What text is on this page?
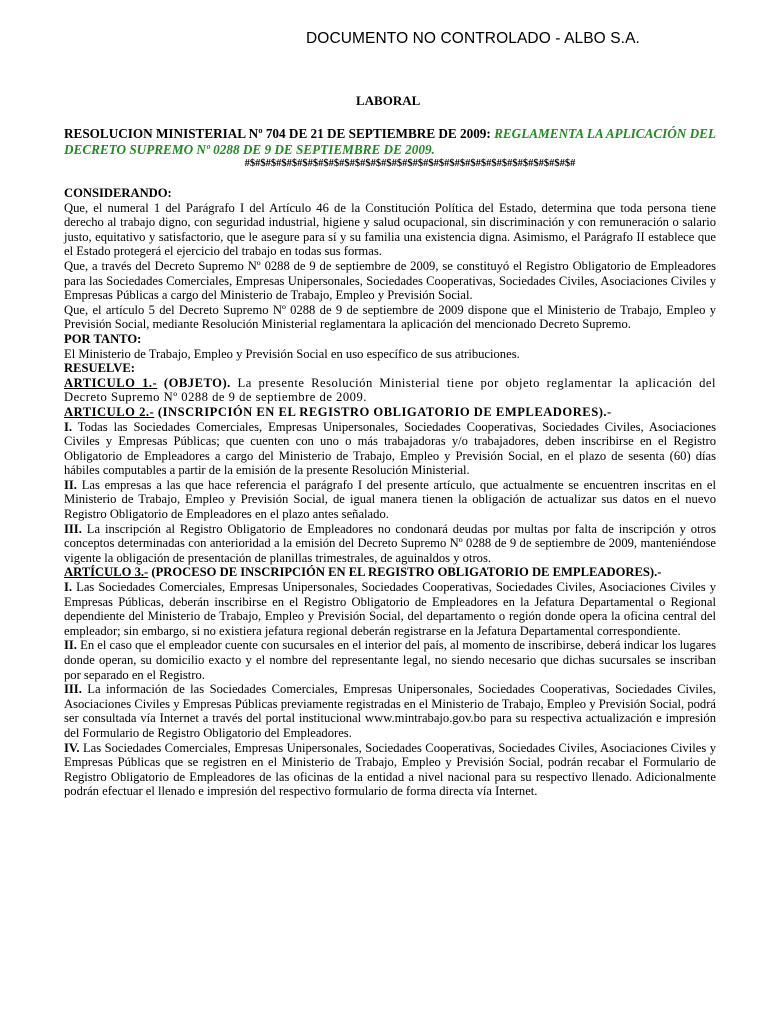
DOCUMENTO NO CONTROLADO - ALBO S.A.
LABORAL

RESOLUCION MINISTERIAL Nº 704 DE 21 DE SEPTIEMBRE DE 2009: REGLAMENTA LA APLICACIÓN DEL DECRETO SUPREMO Nº 0288 DE 9 DE SEPTIEMBRE DE 2009.

#$#$#$#$#$#$#$#$#$#$#$#$#$#$#$#$#$#$#$#$#$#$#$#$#$#$#$#$#$#$#$#

CONSIDERANDO:

Que, el numeral 1 del Parágrafo I del Artículo 46 de la Constitución Política del Estado, determina que toda persona tiene derecho al trabajo digno, con seguridad industrial, higiene y salud ocupacional, sin discriminación y con remuneración o salario justo, equitativo y satisfactorio, que le asegure para sí y su familia una existencia digna. Asimismo, el Parágrafo II establece que el Estado protegerá el ejercicio del trabajo en todas sus formas.

Que, a través del Decreto Supremo Nº 0288 de 9 de septiembre de 2009, se constituyó el Registro Obligatorio de Empleadores para las Sociedades Comerciales, Empresas Unipersonales, Sociedades Cooperativas, Sociedades Civiles, Asociaciones Civiles y Empresas Públicas a cargo del Ministerio de Trabajo, Empleo y Previsión Social.

Que, el artículo 5 del Decreto Supremo Nº 0288 de 9 de septiembre de 2009 dispone que el Ministerio de Trabajo, Empleo y Previsión Social, mediante Resolución Ministerial reglamentara la aplicación del mencionado Decreto Supremo.

POR TANTO:

El Ministerio de Trabajo, Empleo y Previsión Social en uso específico de sus atribuciones.

RESUELVE:

ARTICULO 1.- (OBJETO). La presente Resolución Ministerial tiene por objeto reglamentar la aplicación del Decreto Supremo Nº 0288 de 9 de septiembre de 2009.

ARTICULO 2.- (INSCRIPCIÓN EN EL REGISTRO OBLIGATORIO DE EMPLEADORES).-

I. Todas las Sociedades Comerciales, Empresas Unipersonales, Sociedades Cooperativas, Sociedades Civiles, Asociaciones Civiles y Empresas Públicas; que cuenten con uno o más trabajadoras y/o trabajadores, deben inscribirse en el Registro Obligatorio de Empleadores a cargo del Ministerio de Trabajo, Empleo y Previsión Social, en el plazo de sesenta (60) días hábiles computables a partir de la emisión de la presente Resolución Ministerial.

II. Las empresas a las que hace referencia el parágrafo I del presente artículo, que actualmente se encuentren inscritas en el Ministerio de Trabajo, Empleo y Previsión Social, de igual manera tienen la obligación de actualizar sus datos en el nuevo Registro Obligatorio de Empleadores en el plazo antes señalado.

III. La inscripción al Registro Obligatorio de Empleadores no condonará deudas por multas por falta de inscripción y otros conceptos determinadas con anterioridad a la emisión del Decreto Supremo Nº 0288 de 9 de septiembre de 2009, manteniéndose vigente la obligación de presentación de planillas trimestrales, de aguinaldos y otros.

ARTÍCULO 3.- (PROCESO DE INSCRIPCIÓN EN EL REGISTRO OBLIGATORIO DE EMPLEADORES).-

I. Las Sociedades Comerciales, Empresas Unipersonales, Sociedades Cooperativas, Sociedades Civiles, Asociaciones Civiles y Empresas Públicas, deberán inscribirse en el Registro Obligatorio de Empleadores en la Jefatura Departamental o Regional dependiente del Ministerio de Trabajo, Empleo y Previsión Social, del departamento o región donde opera la oficina central del empleador; sin embargo, si no existiera jefatura regional deberán registrarse en la Jefatura Departamental correspondiente.

II. En el caso que el empleador cuente con sucursales en el interior del país, al momento de inscribirse, deberá indicar los lugares donde operan, su domicilio exacto y el nombre del representante legal, no siendo necesario que dichas sucursales se inscriban por separado en el Registro.

III. La información de las Sociedades Comerciales, Empresas Unipersonales, Sociedades Cooperativas, Sociedades Civiles, Asociaciones Civiles y Empresas Públicas previamente registradas en el Ministerio de Trabajo, Empleo y Previsión Social, podrá ser consultada vía Internet a través del portal institucional www.mintrabajo.gov.bo para su respectiva actualización e impresión del Formulario de Registro Obligatorio del Empleadores.

IV. Las Sociedades Comerciales, Empresas Unipersonales, Sociedades Cooperativas, Sociedades Civiles, Asociaciones Civiles y Empresas Públicas que se registren en el Ministerio de Trabajo, Empleo y Previsión Social, podrán recabar el Formulario de Registro Obligatorio de Empleadores de las oficinas de la entidad a nivel nacional para su respectivo llenado. Adicionalmente podrán efectuar el llenado e impresión del respectivo formulario de forma directa vía Internet.
